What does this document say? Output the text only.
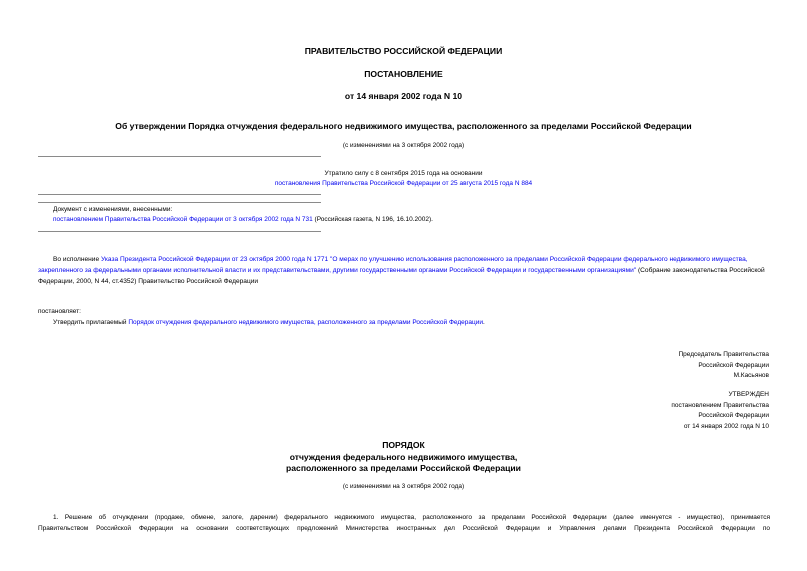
ПРАВИТЕЛЬСТВО РОССИЙСКОЙ ФЕДЕРАЦИИ
ПОСТАНОВЛЕНИЕ
от 14 января 2002 года N 10
Об утверждении Порядка отчуждения федерального недвижимого имущества, расположенного за пределами Российской Федерации
(с изменениями на 3 октября 2002 года)
Утратило силу с 8 сентября 2015 года на основании
постановления Правительства Российской Федерации от 25 августа 2015 года N 884
Документ с изменениями, внесенными:
постановлением Правительства Российской Федерации от 3 октября 2002 года N 731 (Российская газета, N 196, 16.10.2002).
Во исполнение Указа Президента Российской Федерации от 23 октября 2000 года N 1771 "О мерах по улучшению использования расположенного за пределами Российской Федерации федерального недвижимого имущества, закрепленного за федеральными органами исполнительной власти и их представительствами, другими государственными органами Российской Федерации и государственными организациями" (Собрание законодательства Российской Федерации, 2000, N 44, ст.4352) Правительство Российской Федерации
постановляет:
Утвердить прилагаемый Порядок отчуждения федерального недвижимого имущества, расположенного за пределами Российской Федерации.
Председатель Правительства
Российской Федерации
М.Касьянов
УТВЕРЖДЕН
постановлением Правительства
Российской Федерации
от 14 января 2002 года N 10
ПОРЯДОК
отчуждения федерального недвижимого имущества,
расположенного за пределами Российской Федерации
(с изменениями на 3 октября 2002 года)
1. Решение об отчуждении (продаже, обмене, залоге, дарении) федерального недвижимого имущества, расположенного за пределами Российской Федерации (далее именуется - имущество), принимается
Правительством Российской Федерации на основании соответствующих предложений Министерства иностранных дел Российской Федерации и Управления делами Президента Российской Федерации по
